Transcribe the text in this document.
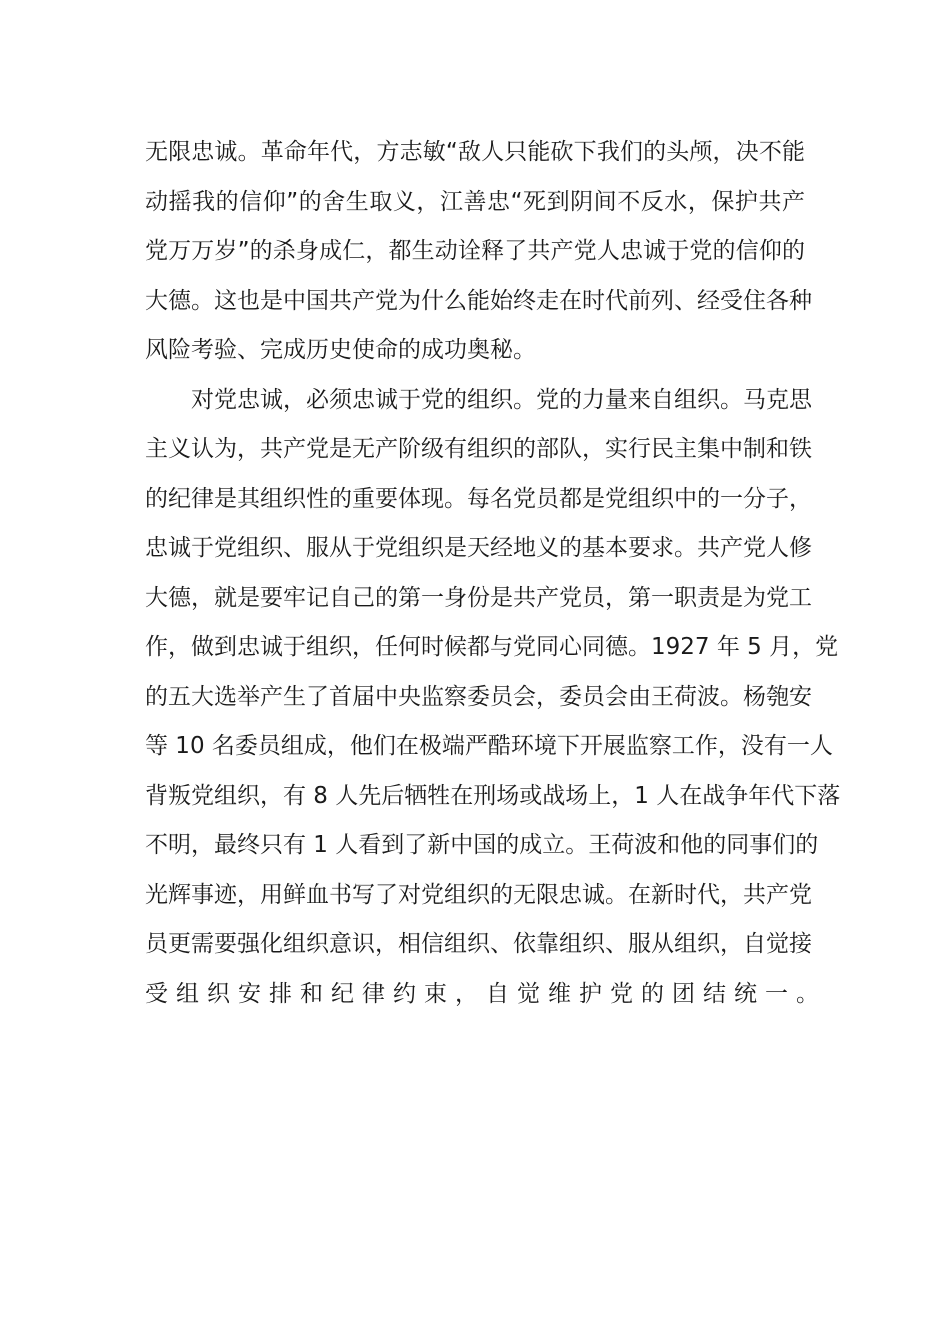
无限忠诚。革命年代，方志敏“敌人只能砍下我们的头颅，决不能
动摇我的信仰”的舍生取义，江善忠“死到阴间不反水，保护共产
党万万岁”的杀身成仁，都生动诠释了共产党人忠诚于党的信仰的
大德。这也是中国共产党为什么能始终走在时代前列、经受住各种
风险考验、完成历史使命的成功奥秘。
对党忠诚，必须忠诚于党的组织。党的力量来自组织。马克思
主义认为，共产党是无产阶级有组织的部队，实行民主集中制和铁
的纪律是其组织性的重要体现。每名党员都是党组织中的一分子，
忠诚于党组织、服从于党组织是天经地义的基本要求。共产党人修
大德，就是要牢记自己的第一身份是共产党员，第一职责是为党工
作，做到忠诚于组织，任何时候都与党同心同德。1927 年 5 月，党
的五大选举产生了首届中央监察委员会，委员会由王荷波。杨匏安
等 10 名委员组成，他们在极端严酷环境下开展监察工作，没有一人
背叛党组织，有 8 人先后牺牲在刑场或战场上，1 人在战争年代下落
不明，最终只有 1 人看到了新中国的成立。王荷波和他的同事们的
光辉事迹，用鲜血书写了对党组织的无限忠诚。在新时代，共产党
员更需要强化组织意识，相信组织、依靠组织、服从组织，自觉接
受组织安排和纪律约束，自觉维护党的团结统一。
